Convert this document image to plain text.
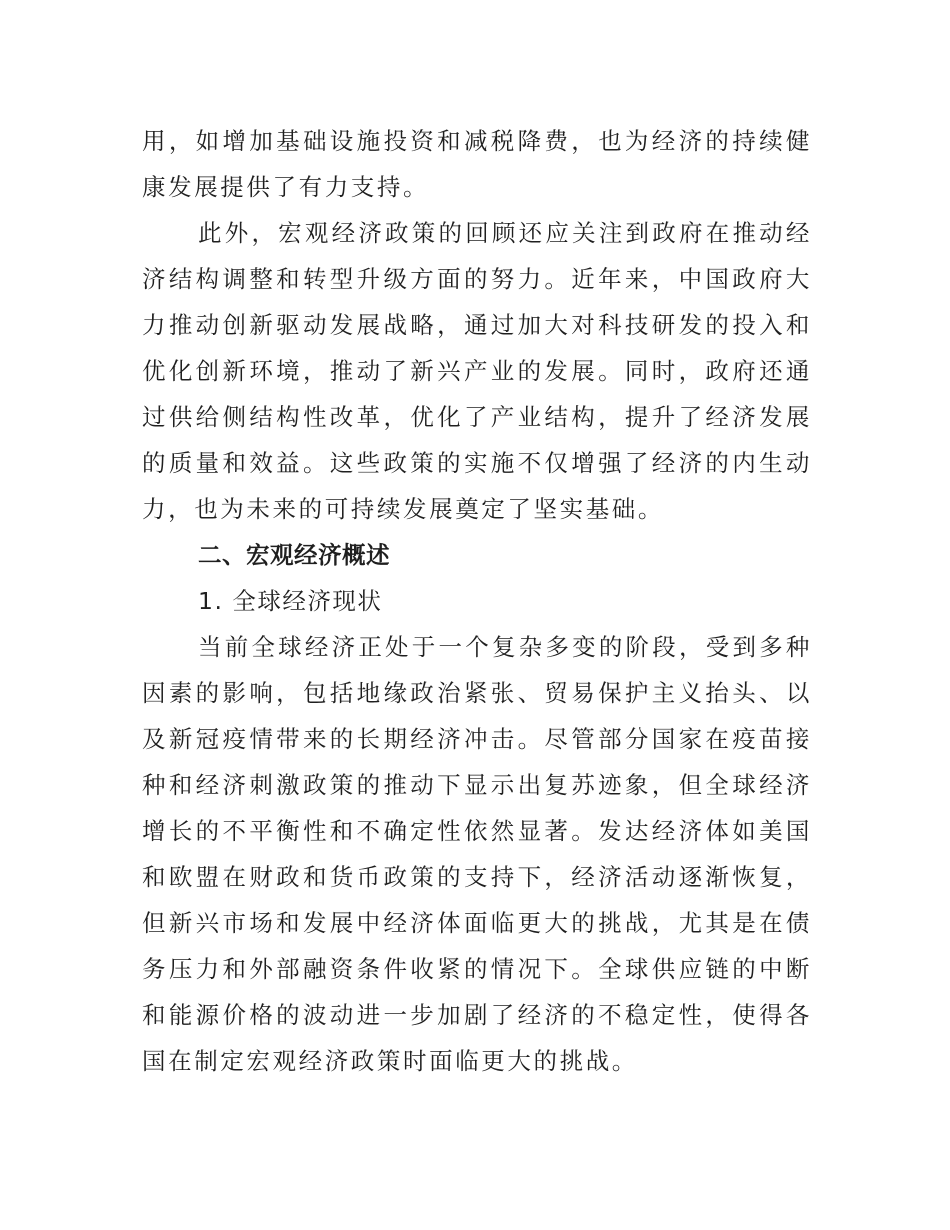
用，如增加基础设施投资和减税降费，也为经济的持续健康发展提供了有力支持。

此外，宏观经济政策的回顾还应关注到政府在推动经济结构调整和转型升级方面的努力。近年来，中国政府大力推动创新驱动发展战略，通过加大对科技研发的投入和优化创新环境，推动了新兴产业的发展。同时，政府还通过供给侧结构性改革，优化了产业结构，提升了经济发展的质量和效益。这些政策的实施不仅增强了经济的内生动力，也为未来的可持续发展奠定了坚实基础。

二、宏观经济概述

1. 全球经济现状

当前全球经济正处于一个复杂多变的阶段，受到多种因素的影响，包括地缘政治紧张、贸易保护主义抬头、以及新冠疫情带来的长期经济冲击。尽管部分国家在疫苗接种和经济刺激政策的推动下显示出复苏迹象，但全球经济增长的不平衡性和不确定性依然显著。发达经济体如美国和欧盟在财政和货币政策的支持下，经济活动逐渐恢复，但新兴市场和发展中经济体面临更大的挑战，尤其是在债务压力和外部融资条件收紧的情况下。全球供应链的中断和能源价格的波动进一步加剧了经济的不稳定性，使得各国在制定宏观经济政策时面临更大的挑战。
